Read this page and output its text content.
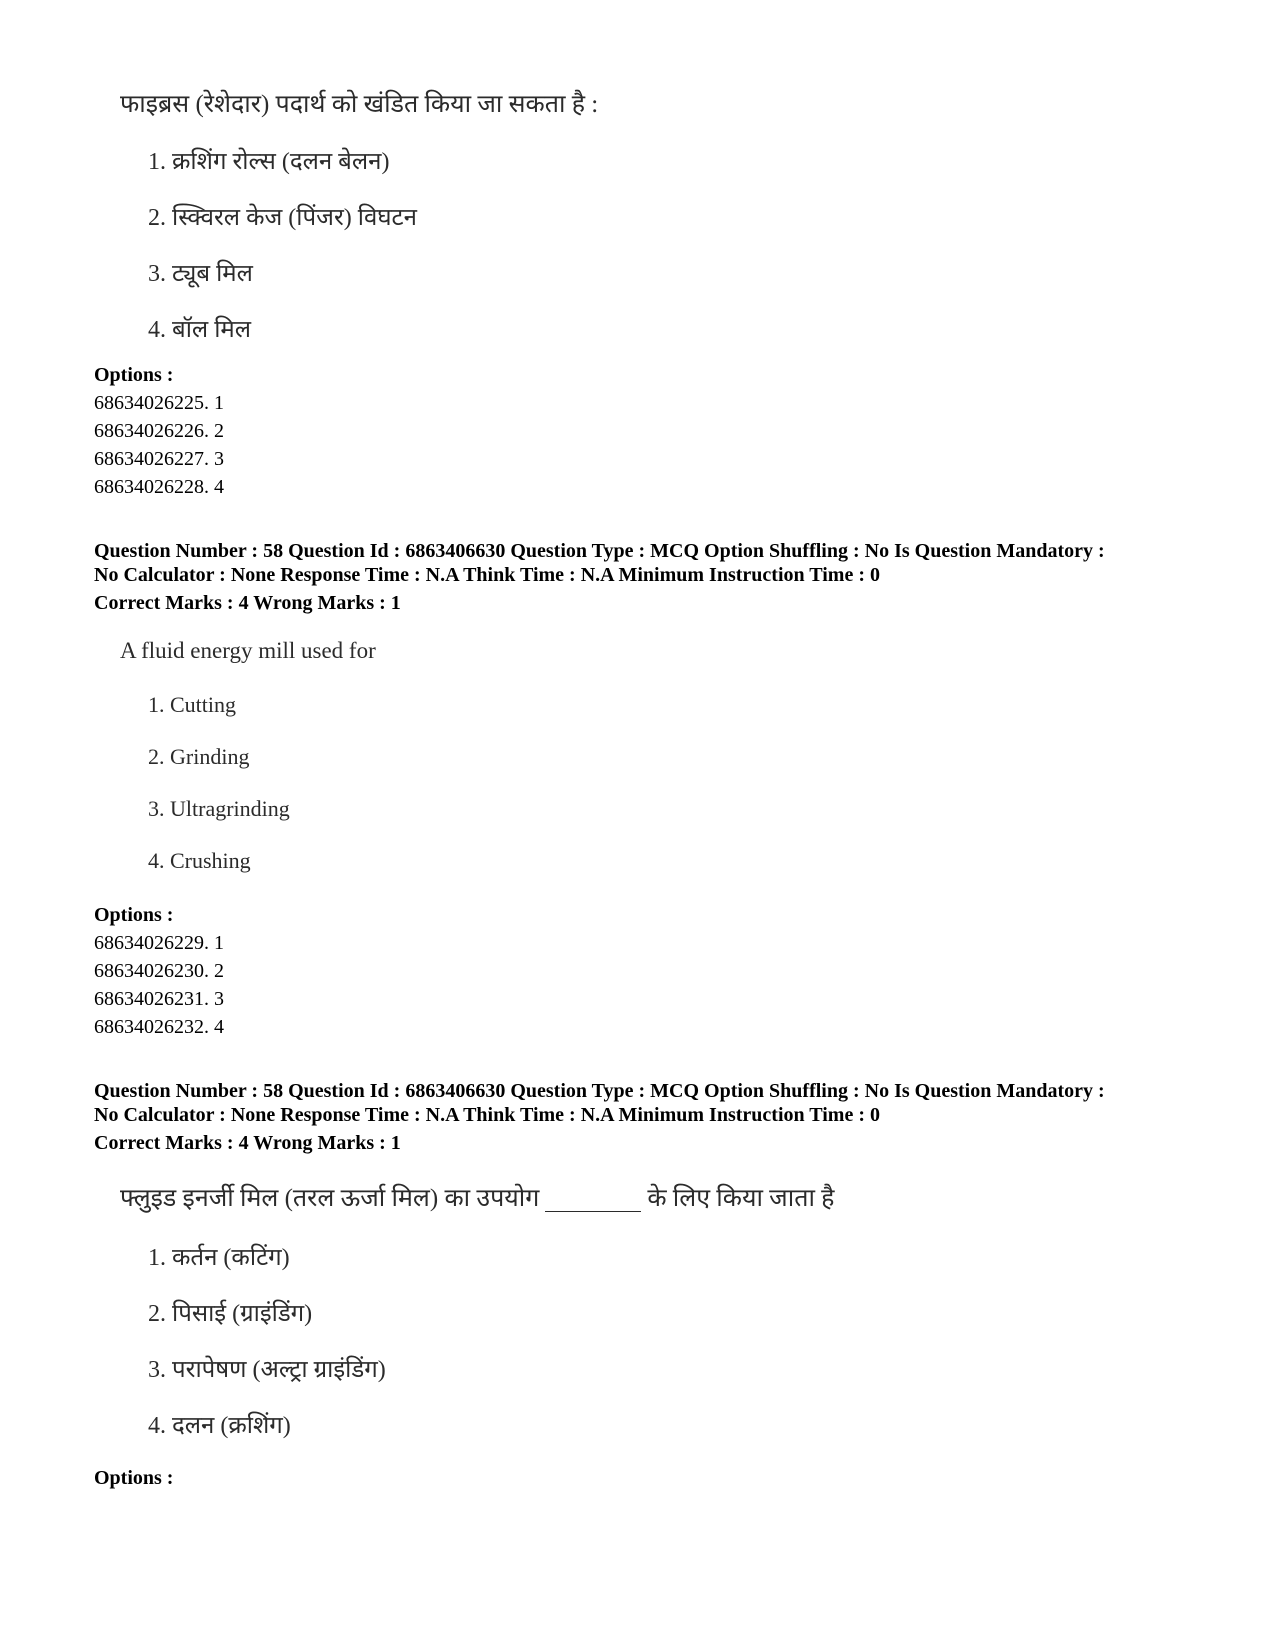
फाइब्रस (रेशेदार) पदार्थ को खंडित किया जा सकता है :
1. क्रशिंग रोल्स (दलन बेलन)
2. स्क्विरल केज (पिंजर) विघटन
3. ट्यूब मिल
4. बॉल मिल
Options :
68634026225. 1
68634026226. 2
68634026227. 3
68634026228. 4
Question Number : 58 Question Id : 6863406630 Question Type : MCQ Option Shuffling : No Is Question Mandatory :
No Calculator : None Response Time : N.A Think Time : N.A Minimum Instruction Time : 0
Correct Marks : 4 Wrong Marks : 1
A fluid energy mill used for
1. Cutting
2. Grinding
3. Ultragrinding
4. Crushing
Options :
68634026229. 1
68634026230. 2
68634026231. 3
68634026232. 4
Question Number : 58 Question Id : 6863406630 Question Type : MCQ Option Shuffling : No Is Question Mandatory :
No Calculator : None Response Time : N.A Think Time : N.A Minimum Instruction Time : 0
Correct Marks : 4 Wrong Marks : 1
फ्लुइड इनर्जी मिल (तरल ऊर्जा मिल) का उपयोग	के लिए किया जाता है
1. कर्तन (कटिंग)
2. पिसाई (ग्राइंडिंग)
3. परापेषण (अल्ट्रा ग्राइंडिंग)
4. दलन (क्रशिंग)
Options :
